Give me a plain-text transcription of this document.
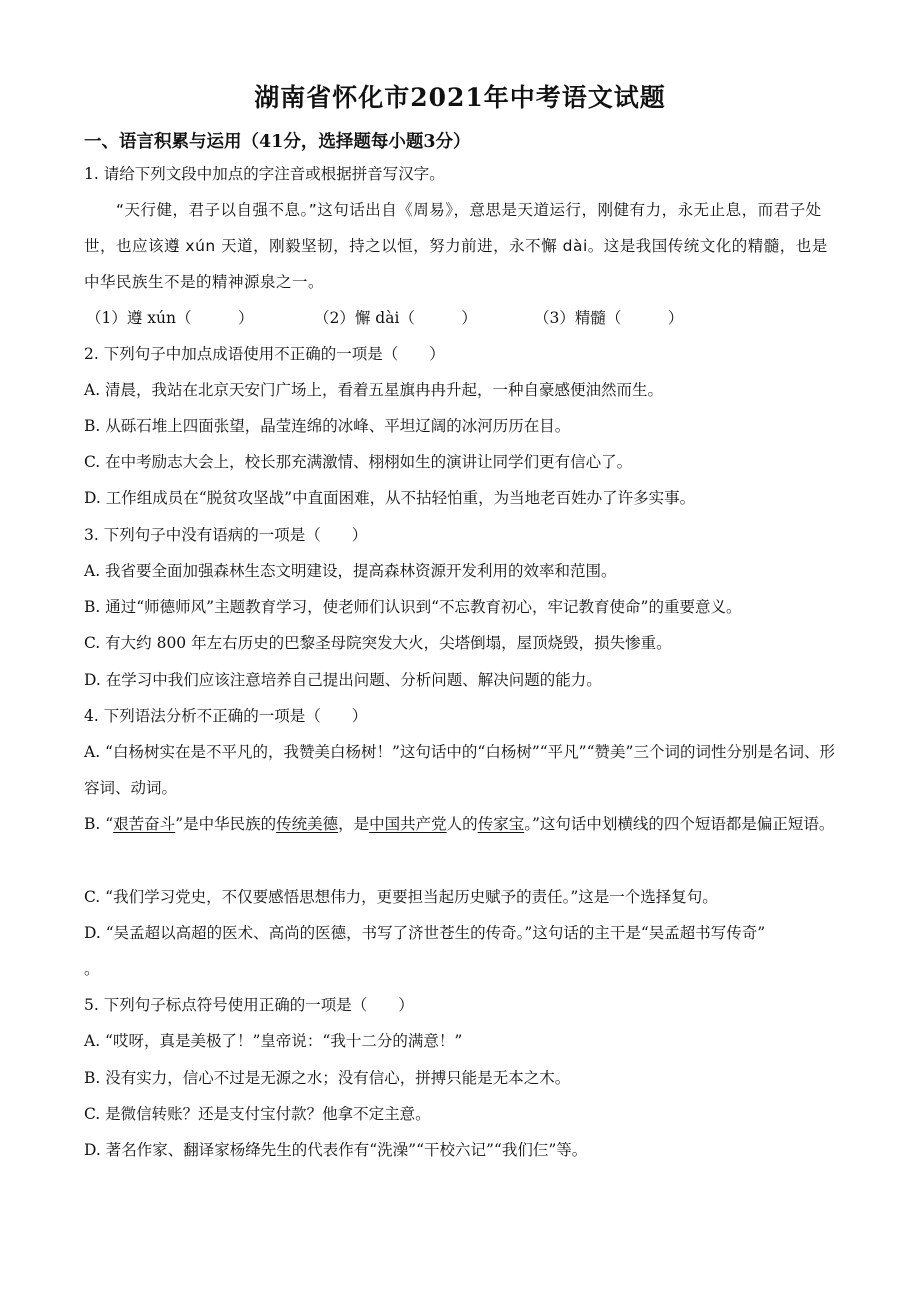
湖南省怀化市2021年中考语文试题
一、语言积累与运用（41分，选择题每小题3分）
1. 请给下列文段中加点的字注音或根据拼音写汉字。
“天行健，君子以自强不息。”这句话出自《周易》，意思是天道运行，刚健有力，永无止息，而君子处世，也应该遵 xún 天道，刚毅坚韧，持之以恒，努力前进，永不懈 dài。这是我国传统文化的精髓，也是中华民族生不是的精神源泉之一。
（1）遵 xún（　　　）	（2）懈 dài（　　　）	（3）精髓（　　　）
2. 下列句子中加点成语使用不正确的一项是（　　）
A. 清晨，我站在北京天安门广场上，看着五星旗冉冉升起，一种自豪感便油然而生。
B. 从砾石堆上四面张望，晶莹连绵的冰峰、平坦辽阔的冰河历历在目。
C. 在中考励志大会上，校长那充满激情、栩栩如生的演讲让同学们更有信心了。
D. 工作组成员在“脱贫攻坚战”中直面困难，从不拈轻怕重，为当地老百姓办了许多实事。
3. 下列句子中没有语病的一项是（　　）
A. 我省要全面加强森林生态文明建设，提高森林资源开发利用的效率和范围。
B. 通过“师德师风”主题教育学习，使老师们认识到“不忘教育初心，牢记教育使命”的重要意义。
C. 有大约 800 年左右历史的巴黎圣母院突发大火，尖塔倒塌，屋顶烧毁，损失惨重。
D. 在学习中我们应该注意培养自己提出问题、分析问题、解决问题的能力。
4. 下列语法分析不正确的一项是（　　）
A. “白杨树实在是不平凡的，我赞美白杨树！”这句话中的“白杨树”“平凡”“赞美”三个词的词性分别是名词、形容词、动词。
B. “艰苦奋斗”是中华民族的传统美德，是中国共产党人的传家宝。”这句话中划横线的四个短语都是偏正短语。
C. “我们学习党史，不仅要感悟思想伟力，更要担当起历史赋予的责任。”这是一个选择复句。
D. “吴孟超以高超的医术、高尚的医德，书写了济世苍生的传奇。”这句话的主干是“吴孟超书写传奇”
。
5. 下列句子标点符号使用正确的一项是（　　）
A. “哎呀，真是美极了！”皇帝说：“我十二分的满意！”
B. 没有实力，信心不过是无源之水；没有信心，拼搏只能是无本之木。
C. 是微信转账？还是支付宝付款？他拿不定主意。
D. 著名作家、翻译家杨绛先生的代表作有“洗澡”“干校六记”“我们仨”等。
